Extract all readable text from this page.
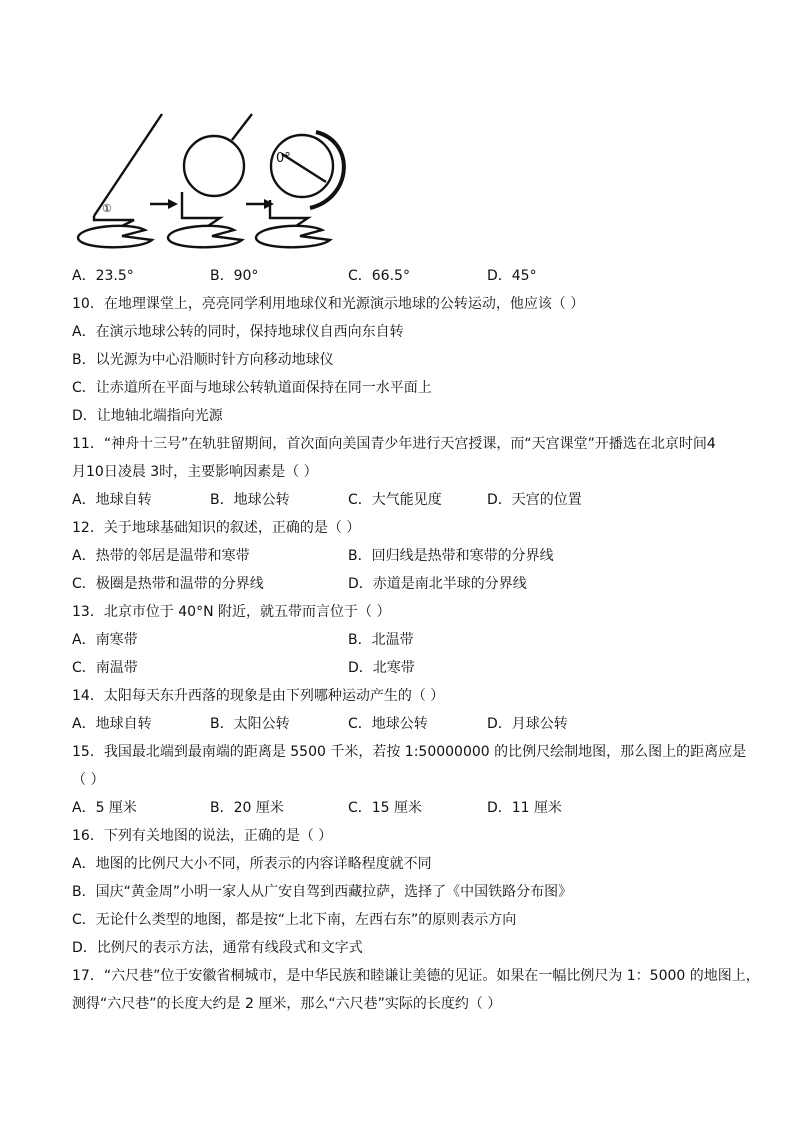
①
0°
A．23.5°	B．90°	C．66.5°	D．45°
10．在地理课堂上，亮亮同学利用地球仪和光源演示地球的公转运动，他应该（ ）
A．在演示地球公转的同时，保持地球仪自西向东自转
B．以光源为中心沿顺时针方向移动地球仪
C．让赤道所在平面与地球公转轨道面保持在同一水平面上
D．让地轴北端指向光源
11．“神舟十三号”在轨驻留期间，首次面向美国青少年进行天宫授课，而“天宫课堂”开播选在北京时间4
月10日凌晨 3时，主要影响因素是（ ）
A．地球自转	B．地球公转	C．大气能见度	D．天宫的位置
12．关于地球基础知识的叙述，正确的是（ ）
A．热带的邻居是温带和寒带	B．回归线是热带和寒带的分界线
C．极圈是热带和温带的分界线	D．赤道是南北半球的分界线
13．北京市位于 40°N 附近，就五带而言位于（ ）
A．南寒带	B．北温带
C．南温带	D．北寒带
14．太阳每天东升西落的现象是由下列哪种运动产生的（ ）
A．地球自转	B．太阳公转	C．地球公转	D．月球公转
15．我国最北端到最南端的距离是 5500 千米，若按 1:50000000 的比例尺绘制地图，那么图上的距离应是
（ ）
A．5 厘米	B．20 厘米	C．15 厘米	D．11 厘米
16．下列有关地图的说法，正确的是（ ）
A．地图的比例尺大小不同，所表示的内容详略程度就不同
B．国庆“黄金周”小明一家人从广安自驾到西藏拉萨，选择了《中国铁路分布图》
C．无论什么类型的地图，都是按“上北下南，左西右东”的原则表示方向
D．比例尺的表示方法，通常有线段式和文字式
17．“六尺巷”位于安徽省桐城市，是中华民族和睦谦让美德的见证。如果在一幅比例尺为 1：5000 的地图上，
测得“六尺巷”的长度大约是 2 厘米，那么“六尺巷”实际的长度约（ ）
